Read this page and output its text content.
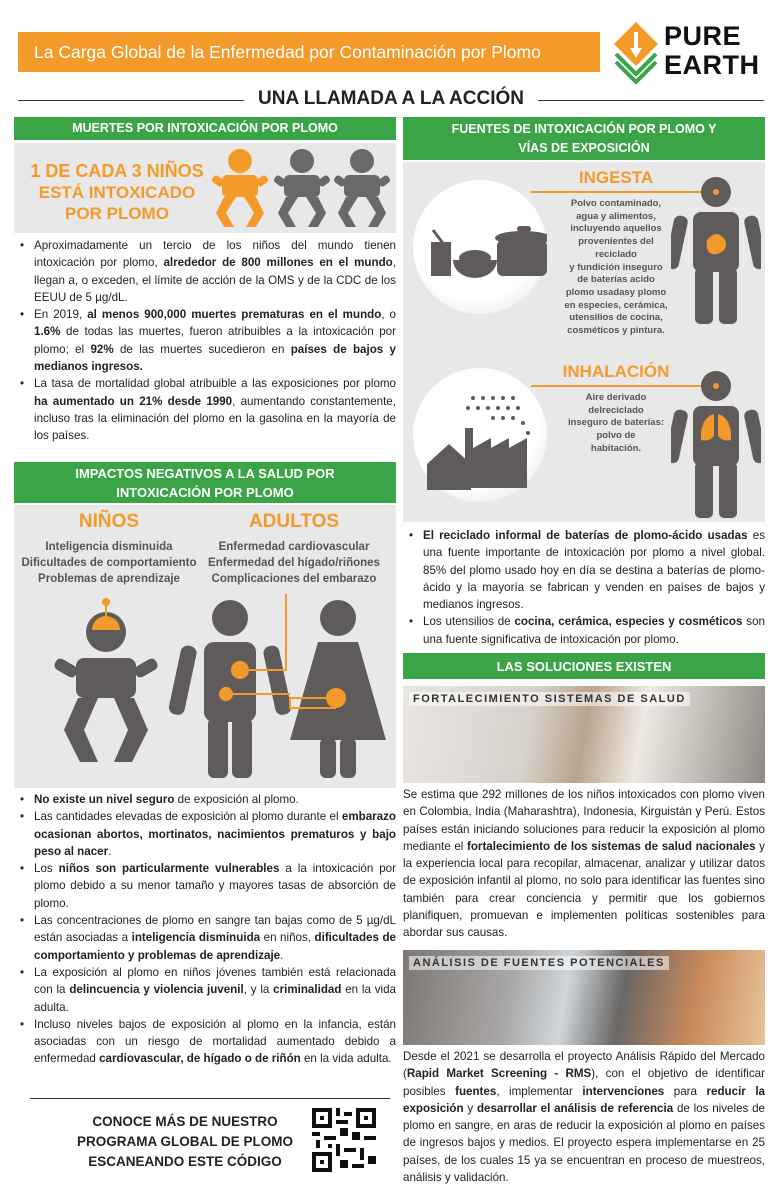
La Carga Global de la Enfermedad por Contaminación por Plomo
PURE
EARTH
UNA LLAMADA A LA ACCIÓN
MUERTES POR INTOXICACIÓN POR PLOMO
1 DE CADA 3 NIÑOS
ESTÁ INTOXICADO
POR PLOMO

• Aproximadamente un tercio de los niños del mundo tienen intoxicación por plomo, alrededor de 800 millones en el mundo, llegan a, o exceden, el límite de acción de la OMS y de la CDC de los EEUU de 5 µg/dL.

• En 2019, al menos 900,000 muertes prematuras en el mundo, o 1.6% de todas las muertes, fueron atribuibles a la intoxicación por plomo; el 92% de las muertes sucedieron en países de bajos y medianos ingresos.

• La tasa de mortalidad global atribuible a las exposiciones por plomo ha aumentado un 21% desde 1990, aumentando constantemente, incluso tras la eliminación del plomo en la gasolina en la mayoría de los países.

IMPACTOS NEGATIVOS A LA SALUD POR INTOXICACIÓN POR PLOMO
NIÑOS
Inteligencia disminuida
Dificultades de comportamiento
Problemas de aprendizaje
ADULTOS
Enfermedad cardiovascular
Enfermedad del hígado/riñones
Complicaciones del embarazo

• No existe un nivel seguro de exposición al plomo.

• Las cantidades elevadas de exposición al plomo durante el embarazo ocasionan abortos, mortinatos, nacimientos prematuros y bajo peso al nacer.

• Los niños son particularmente vulnerables a la intoxicación por plomo debido a su menor tamaño y mayores tasas de absorción de plomo.

• Las concentraciones de plomo en sangre tan bajas como de 5 µg/dL están asociadas a inteligencia disminuida en niños, dificultades de comportamiento y problemas de aprendizaje.

• La exposición al plomo en niños jóvenes también está relacionada con la delincuencia y violencia juvenil, y la criminalidad en la vida adulta.

• Incluso niveles bajos de exposición al plomo en la infancia, están asociadas con un riesgo de mortalidad aumentado debido a enfermedad cardiovascular, de hígado o de riñón en la vida adulta.

CONOCE MÁS DE NUESTRO
PROGRAMA GLOBAL DE PLOMO
ESCANEANDO ESTE CÓDIGO
FUENTES DE INTOXICACIÓN POR PLOMO Y
VÍAS DE EXPOSICIÓN
INGESTA
Polvo contaminado,
agua y alimentos,
incluyendo aquellos
provenientes del
reciclado
y fundición inseguro
de baterías acido
plomo usadasy plomo
en especies, cerámica,
utensilios de cocina,
cosméticos y pintura.
INHALACIÓN
Aire derivado
delreciclado
inseguro de baterías:
polvo de
habitación.

• El reciclado informal de baterías de plomo-ácido usadas es una fuente importante de intoxicación por plomo a nivel global. 85% del plomo usado hoy en día se destina a baterías de plomo-ácido y la mayoría se fabrican y venden en países de bajos y medianos ingresos.

• Los utensilios de cocina, cerámica, especies y cosméticos son una fuente significativa de intoxicación por plomo.

LAS SOLUCIONES EXISTEN
FORTALECIMIENTO SISTEMAS DE SALUD

Se estima que 292 millones de los niños intoxicados con plomo viven en Colombia, India (Maharashtra), Indonesia, Kirguistán y Perú. Estos países están iniciando soluciones para reducir la exposición al plomo mediante el fortalecimiento de los sistemas de salud nacionales y la experiencia local para recopilar, almacenar, analizar y utilizar datos de exposición infantil al plomo, no solo para identificar las fuentes sino también para crear conciencia y permitir que los gobiernos planifiquen, promuevan e implementen políticas sostenibles para abordar sus causas.

ANÁLISIS DE FUENTES POTENCIALES

Desde el 2021 se desarrolla el proyecto Análisis Rápido del Mercado (Rapid Market Screening - RMS), con el objetivo de identificar posibles fuentes, implementar intervenciones para reducir la exposición y desarrollar el análisis de referencia de los niveles de plomo en sangre, en aras de reducir la exposición al plomo en países de ingresos bajos y medios. El proyecto espera implementarse en 25 países, de los cuales 15 ya se encuentran en proceso de muestreos, análisis y validación.
